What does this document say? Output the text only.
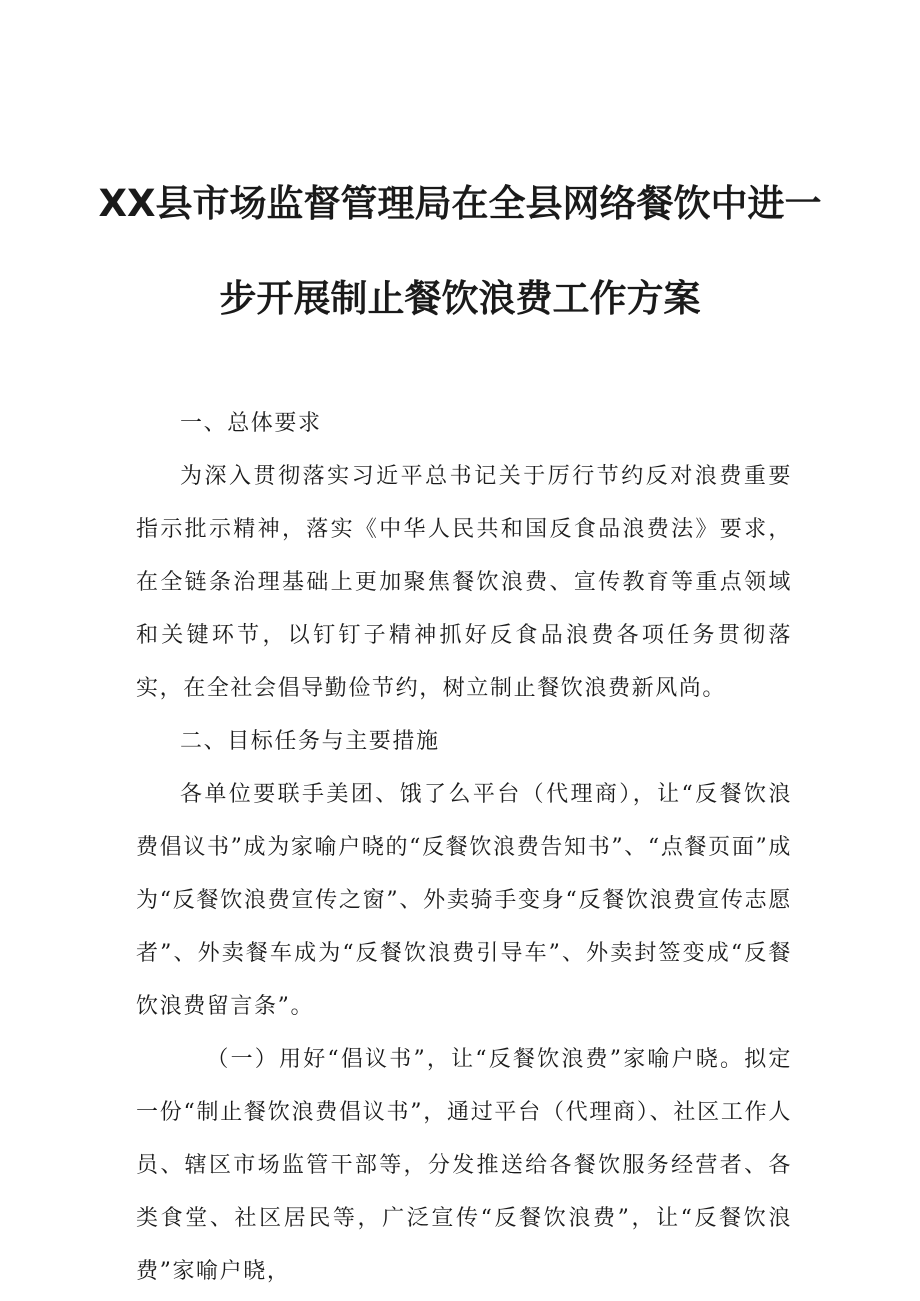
XX县市场监督管理局在全县网络餐饮中进一
步开展制止餐饮浪费工作方案

一、总体要求

为深入贯彻落实习近平总书记关于厉行节约反对浪费重要指示批示精神，落实《中华人民共和国反食品浪费法》要求，在全链条治理基础上更加聚焦餐饮浪费、宣传教育等重点领域和关键环节，以钉钉子精神抓好反食品浪费各项任务贯彻落实，在全社会倡导勤俭节约，树立制止餐饮浪费新风尚。

二、目标任务与主要措施

各单位要联手美团、饿了么平台（代理商），让“反餐饮浪费倡议书”成为家喻户晓的“反餐饮浪费告知书”、“点餐页面”成为“反餐饮浪费宣传之窗”、外卖骑手变身“反餐饮浪费宣传志愿者”、外卖餐车成为“反餐饮浪费引导车”、外卖封签变成“反餐饮浪费留言条”。

（一）用好“倡议书”，让“反餐饮浪费”家喻户晓。拟定一份“制止餐饮浪费倡议书”，通过平台（代理商）、社区工作人员、辖区市场监管干部等，分发推送给各餐饮服务经营者、各类食堂、社区居民等，广泛宣传“反餐饮浪费”，让“反餐饮浪费”家喻户晓，
